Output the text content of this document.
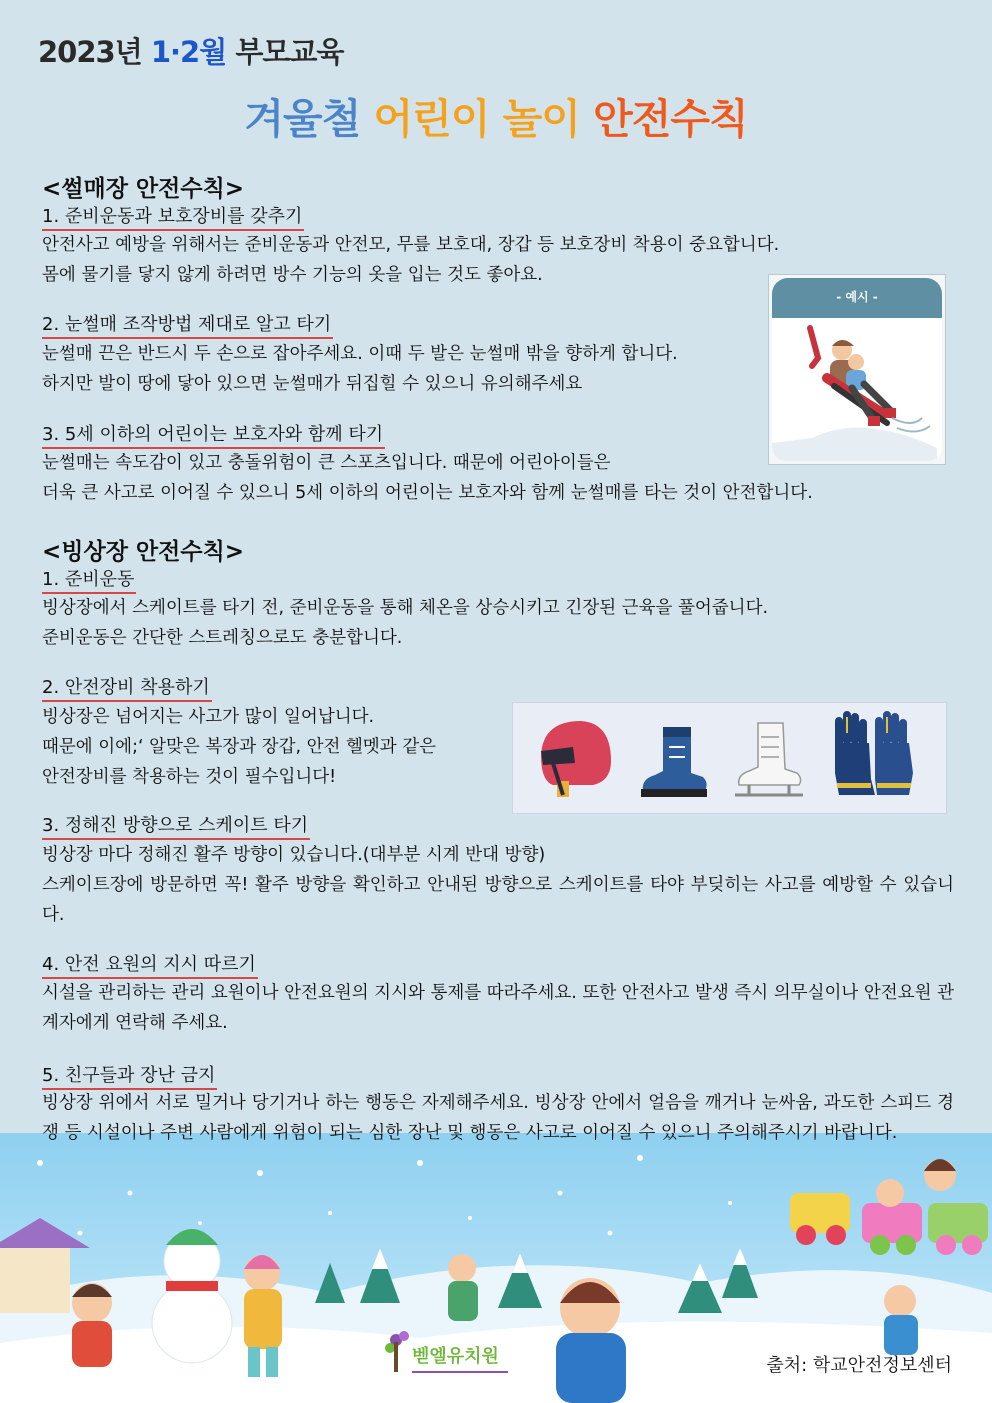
2023년 1·2월 부모교육
겨울철 어린이 놀이 안전수칙
<썰매장 안전수칙>
1. 준비운동과 보호장비를 갖추기
안전사고 예방을 위해서는 준비운동과 안전모, 무릎 보호대, 장갑 등 보호장비 착용이 중요합니다.
몸에 물기를 닿지 않게 하려면 방수 기능의 옷을 입는 것도 좋아요.
2. 눈썰매 조작방법 제대로 알고 타기
눈썰매 끈은 반드시 두 손으로 잡아주세요. 이때 두 발은 눈썰매 밖을 향하게 합니다.
하지만 발이 땅에 닿아 있으면 눈썰매가 뒤집힐 수 있으니 유의해주세요
3. 5세 이하의 어린이는 보호자와 함께 타기
눈썰매는 속도감이 있고 충돌위험이 큰 스포츠입니다. 때문에 어린아이들은
더욱 큰 사고로 이어질 수 있으니 5세 이하의 어린이는 보호자와 함께 눈썰매를 타는 것이 안전합니다.
- 예시 -
<빙상장 안전수칙>
1. 준비운동
빙상장에서 스케이트를 타기 전, 준비운동을 통해 체온을 상승시키고 긴장된 근육을 풀어줍니다.
준비운동은 간단한 스트레칭으로도 충분합니다.
2. 안전장비 착용하기
빙상장은 넘어지는 사고가 많이 일어납니다.
때문에 이에;‘ 알맞은 복장과 장갑, 안전 헬멧과 같은
안전장비를 착용하는 것이 필수입니다!
3. 정해진 방향으로 스케이트 타기
빙상장 마다 정해진 활주 방향이 있습니다.(대부분 시계 반대 방향)
스케이트장에 방문하면 꼭! 활주 방향을 확인하고 안내된 방향으로 스케이트를 타야 부딪히는 사고를 예방할 수 있습니다.
4. 안전 요원의 지시 따르기
시설을 관리하는 관리 요원이나 안전요원의 지시와 통제를 따라주세요. 또한 안전사고 발생 즉시 의무실이나 안전요원 관계자에게 연락해 주세요.
5. 친구들과 장난 금지
빙상장 위에서 서로 밀거나 당기거나 하는 행동은 자제해주세요. 빙상장 안에서 얼음을 깨거나 눈싸움, 과도한 스피드 경쟁 등 시설이나 주변 사람에게 위험이 되는 심한 장난 및 행동은 사고로 이어질 수 있으니 주의해주시기 바랍니다.
벧엘유치원	출처: 학교안전정보센터
